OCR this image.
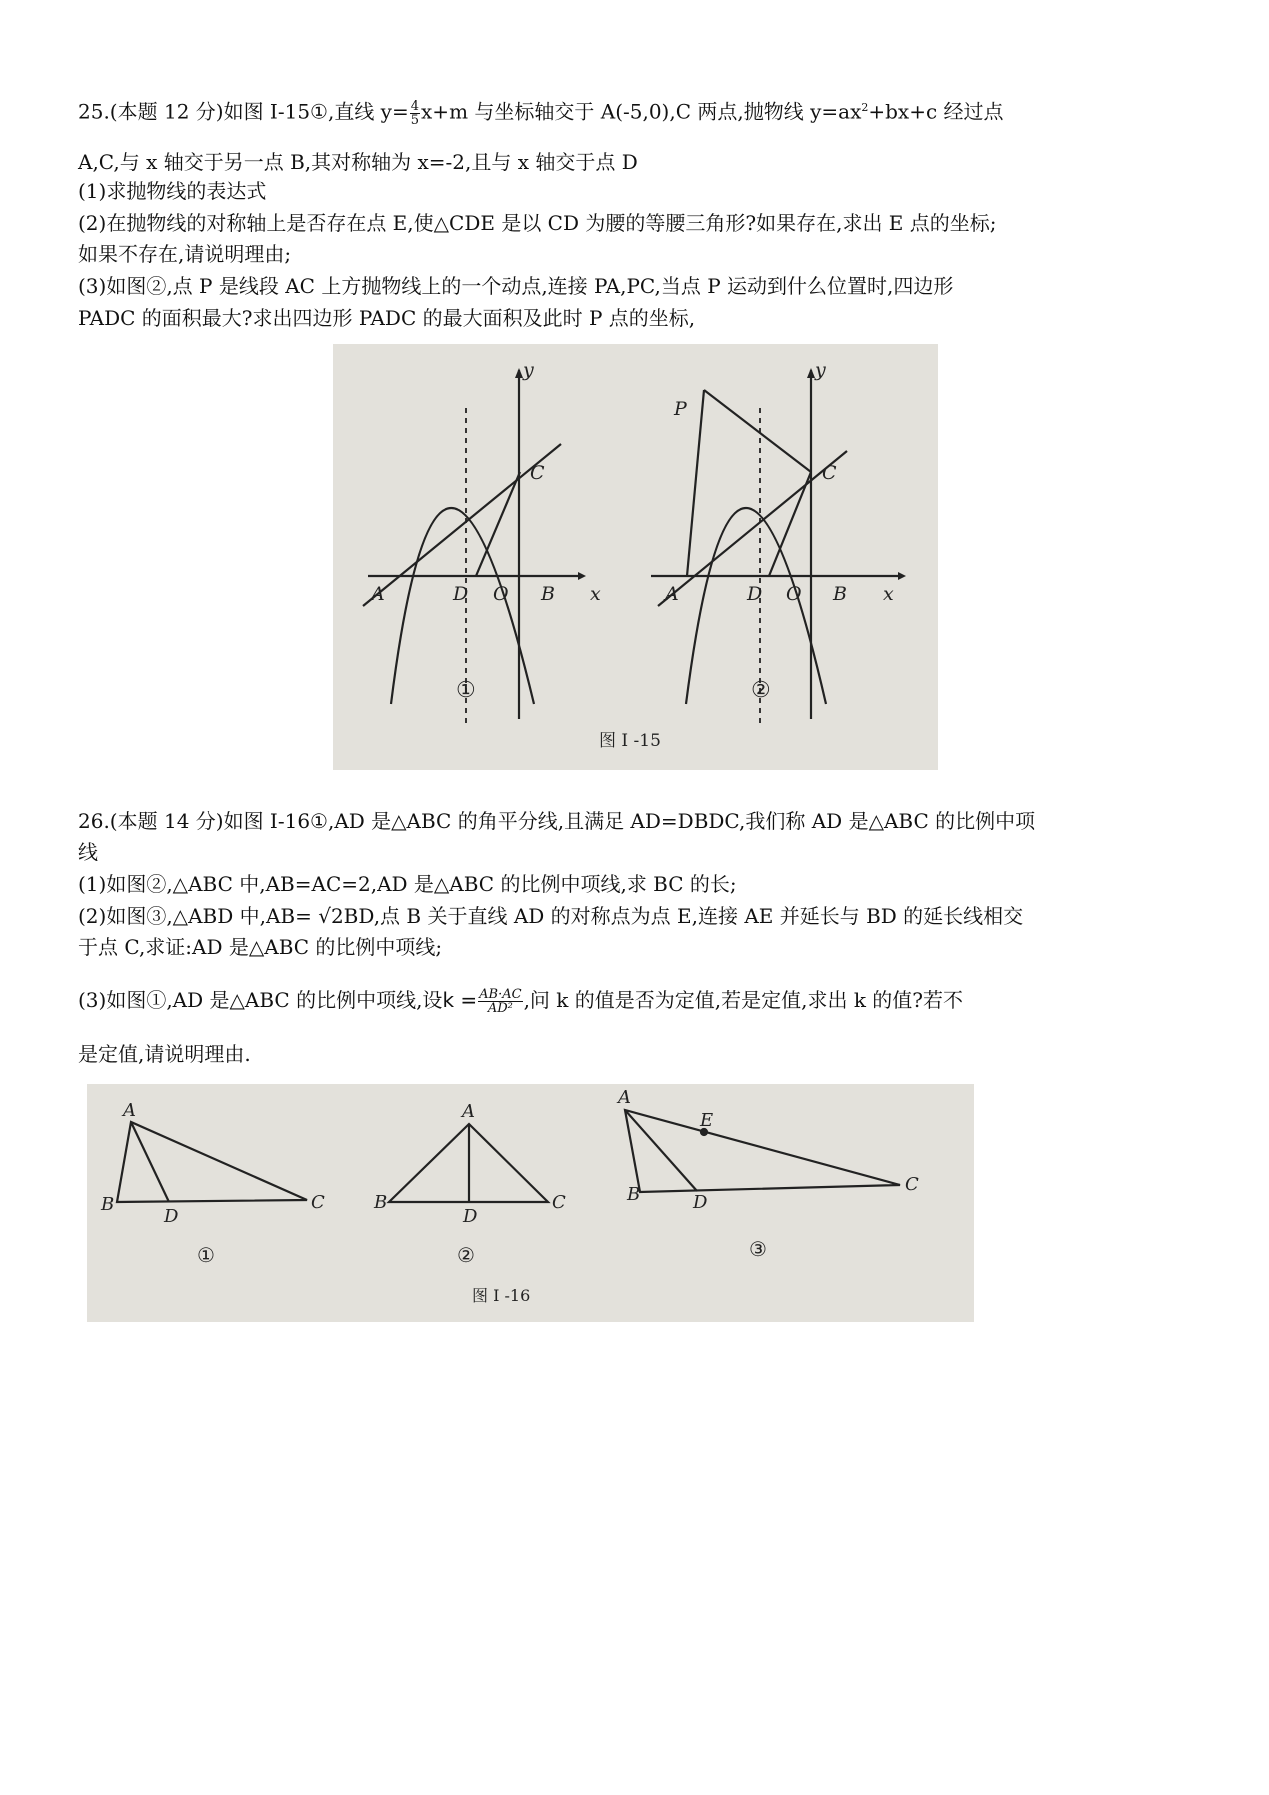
25.(本题 12 分)如图 I-15①,直线 $y= \frac{4}{5} x+m$ 与坐标轴交于 A(-5,0),C 两点,抛物线 $y=ax^2+bx+c$ 经过点
A,C,与 x 轴交于另一点 B,其对称轴为 x=-2,且与 x 轴交于点 D
(1)求抛物线的表达式
(2)在抛物线的对称轴上是否存在点 E,使△CDE 是以 CD 为腰的等腰三角形?如果存在,求出 E 点的坐标;
如果不存在,请说明理由;
(3)如图②,点 P 是线段 AC 上方抛物线上的一个动点,连接 PA,PC,当点 P 运动到什么位置时,四边形
PADC 的面积最大?求出四边形 PADC 的最大面积及此时 P 点的坐标,
y
C
A	D O B x
y
P
C
A	D O B x
①	②
图 I -15
26.(本题 14 分)如图 I-16①,AD 是△ABC 的角平分线,且满足 AD=DBDC,我们称 AD 是△ABC 的比例中项
线
(1)如图②,△ABC 中,AB=AC=2,AD 是△ABC 的比例中项线,求 BC 的长;
(2)如图③,△ABD 中,AB= √2BD,点 B 关于直线 AD 的对称点为点 E,连接 AE 并延长与 BD 的延长线相交
于点 C,求证:AD 是△ABC 的比例中项线;
(3)如图①,AD 是△ABC 的比例中项线,设$k = \frac{AB\cdot AC}{\text{AD²}}$ ,问 k 的值是否为定值,若是定值,求出 k 的值?若不
是定值,请说明理由.
A
B
D
C
A
B
D
C
A
B	D
E
C
①	②	③
图 I -16
